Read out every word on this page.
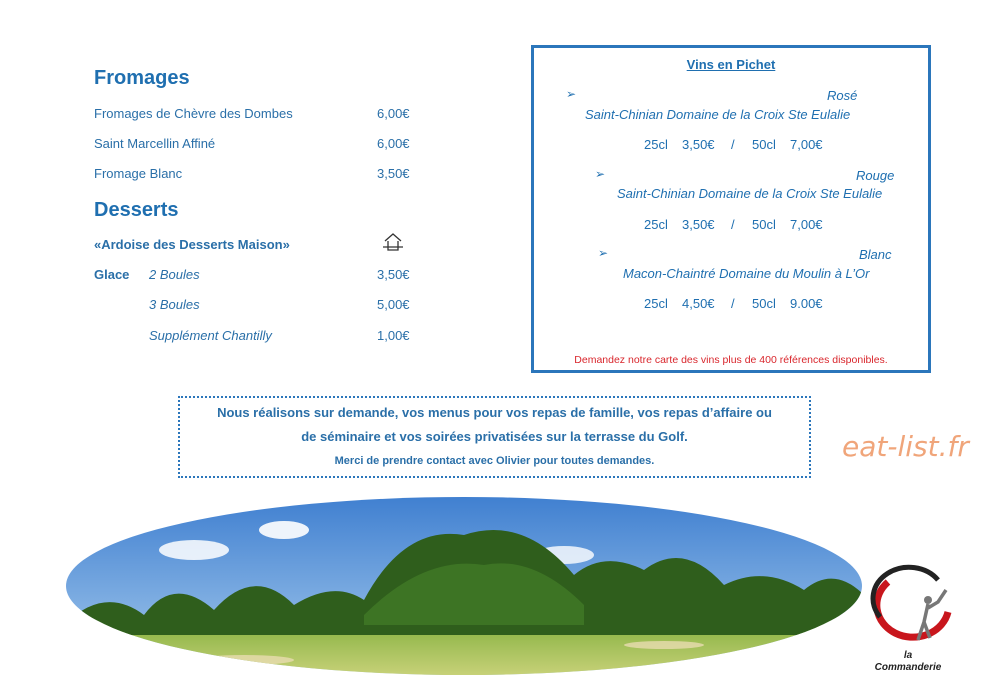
Fromages
Fromages de Chèvre des Dombes	6,00€
Saint Marcellin Affiné	6,00€
Fromage Blanc	3,50€
Desserts
«Ardoise des Desserts Maison»
Glace 2 Boules	3,50€
3 Boules	5,00€
Supplément Chantilly	1,00€
Vins en Pichet
➢	Rosé
Saint-Chinian Domaine de la Croix Ste Eulalie
25cl 3,50€ / 50cl 7,00€
➢	Rouge
Saint-Chinian Domaine de la Croix Ste Eulalie
25cl 3,50€ / 50cl 7,00€
➢	Blanc
Macon-Chaintré Domaine du Moulin à L’Or
25cl 4,50€ / 50cl 9.00€
Demandez notre carte des vins plus de 400 références disponibles.
Nous réalisons sur demande, vos menus pour vos repas de famille, vos repas d’affaire ou
de séminaire et vos soirées privatisées sur la terrasse du Golf.
Merci de prendre contact avec Olivier pour toutes demandes.	eat-list.fr
la
Commanderie
